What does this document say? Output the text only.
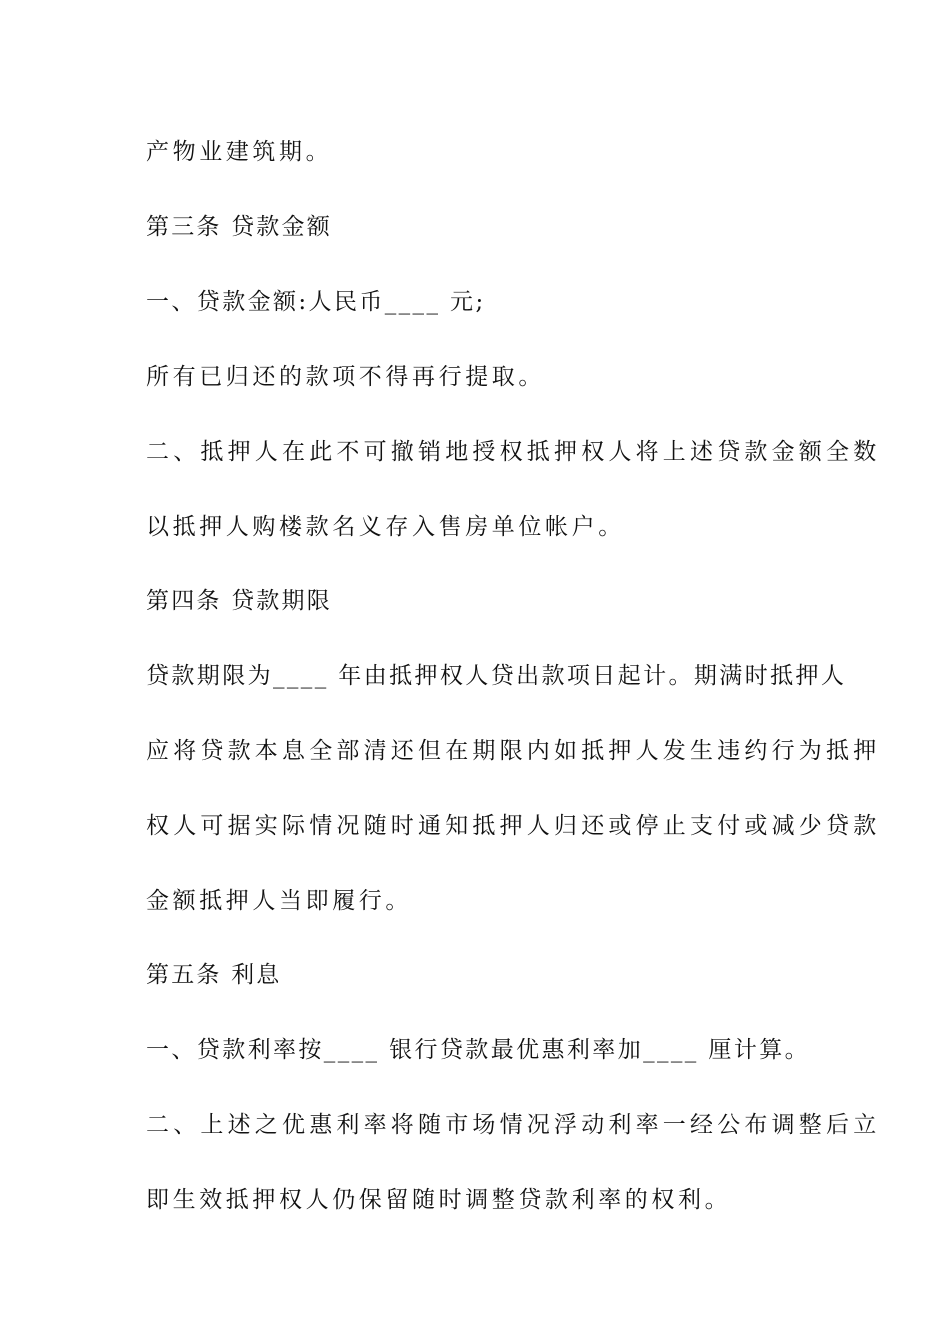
产物业建筑期。
第三条 贷款金额
一、贷款金额:人民币____ 元;
所有已归还的款项不得再行提取。
二、抵押人在此不可撤销地授权抵押权人将上述贷款金额全数
以抵押人购楼款名义存入售房单位帐户。
第四条 贷款期限
贷款期限为____ 年由抵押权人贷出款项日起计。期满时抵押人
应将贷款本息全部清还但在期限内如抵押人发生违约行为抵押
权人可据实际情况随时通知抵押人归还或停止支付或减少贷款
金额抵押人当即履行。
第五条 利息
一、贷款利率按____ 银行贷款最优惠利率加____ 厘计算。
二、上述之优惠利率将随市场情况浮动利率一经公布调整后立
即生效抵押权人仍保留随时调整贷款利率的权利。
